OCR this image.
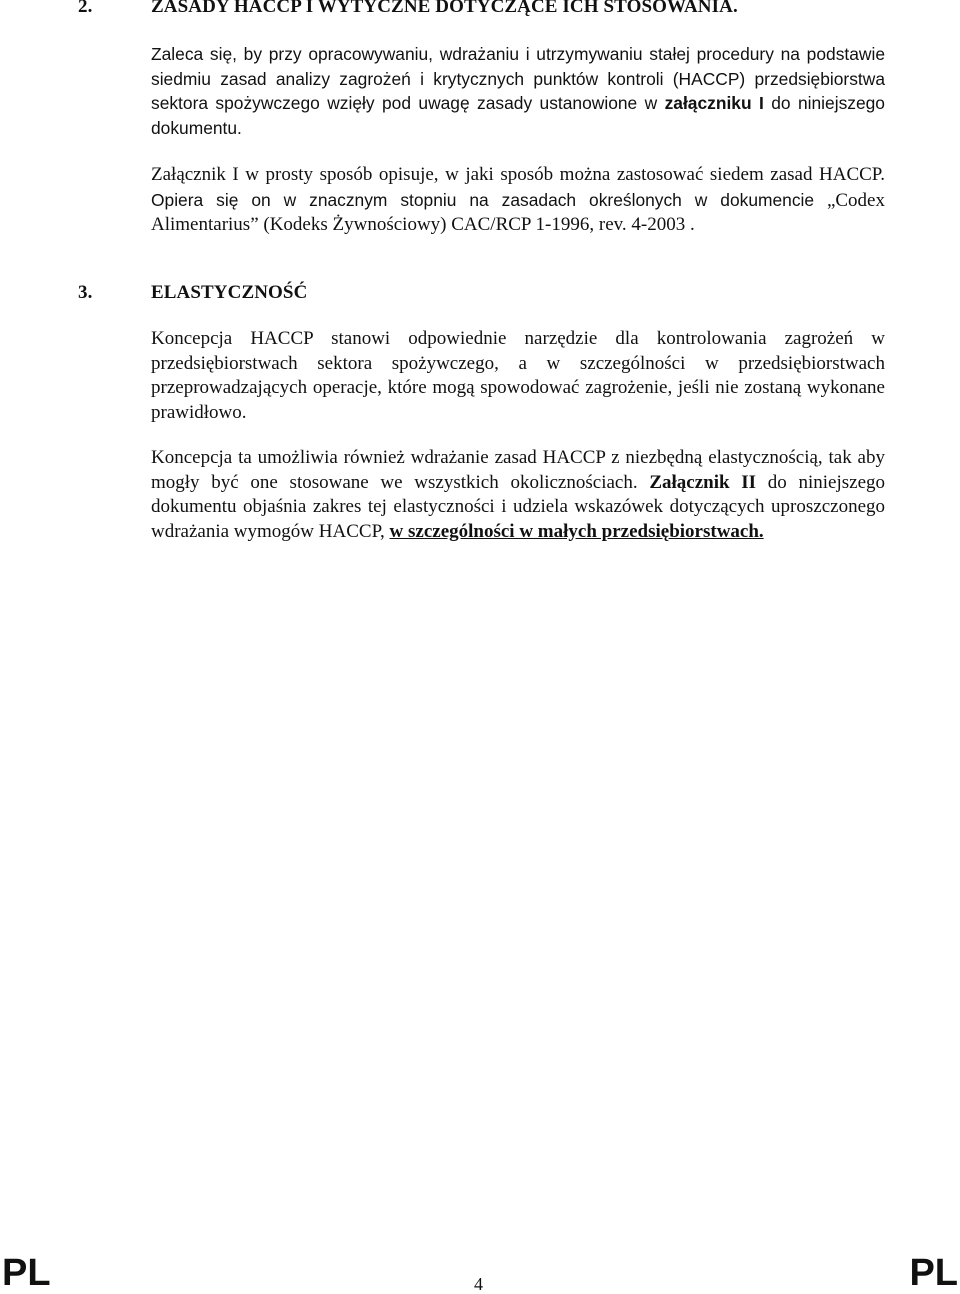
2.	ZASADY HACCP I WYTYCZNE DOTYCZĄCE ICH STOSOWANIA.
Zaleca się, by przy opracowywaniu, wdrażaniu i utrzymywaniu stałej procedury na podstawie siedmiu zasad analizy zagrożeń i krytycznych punktów kontroli (HACCP) przedsiębiorstwa sektora spożywczego wzięły pod uwagę zasady ustanowione w załączniku I do niniejszego dokumentu.
Załącznik I w prosty sposób opisuje, w jaki sposób można zastosować siedem zasad HACCP. Opiera się on w znacznym stopniu na zasadach określonych w dokumencie „Codex Alimentarius” (Kodeks Żywnościowy) CAC/RCP 1-1996, rev. 4-2003 .
3.	ELASTYCZNOŚĆ
Koncepcja HACCP stanowi odpowiednie narzędzie dla kontrolowania zagrożeń w przedsiębiorstwach sektora spożywczego, a w szczególności w przedsiębiorstwach przeprowadzających operacje, które mogą spowodować zagrożenie, jeśli nie zostaną wykonane prawidłowo.
Koncepcja ta umożliwia również wdrażanie zasad HACCP z niezbędną elastycznością, tak aby mogły być one stosowane we wszystkich okolicznościach. Załącznik II do niniejszego dokumentu objaśnia zakres tej elastyczności i udziela wskazówek dotyczących uproszczonego wdrażania wymogów HACCP, w szczególności w małych przedsiębiorstwach.
PL	4	PL
